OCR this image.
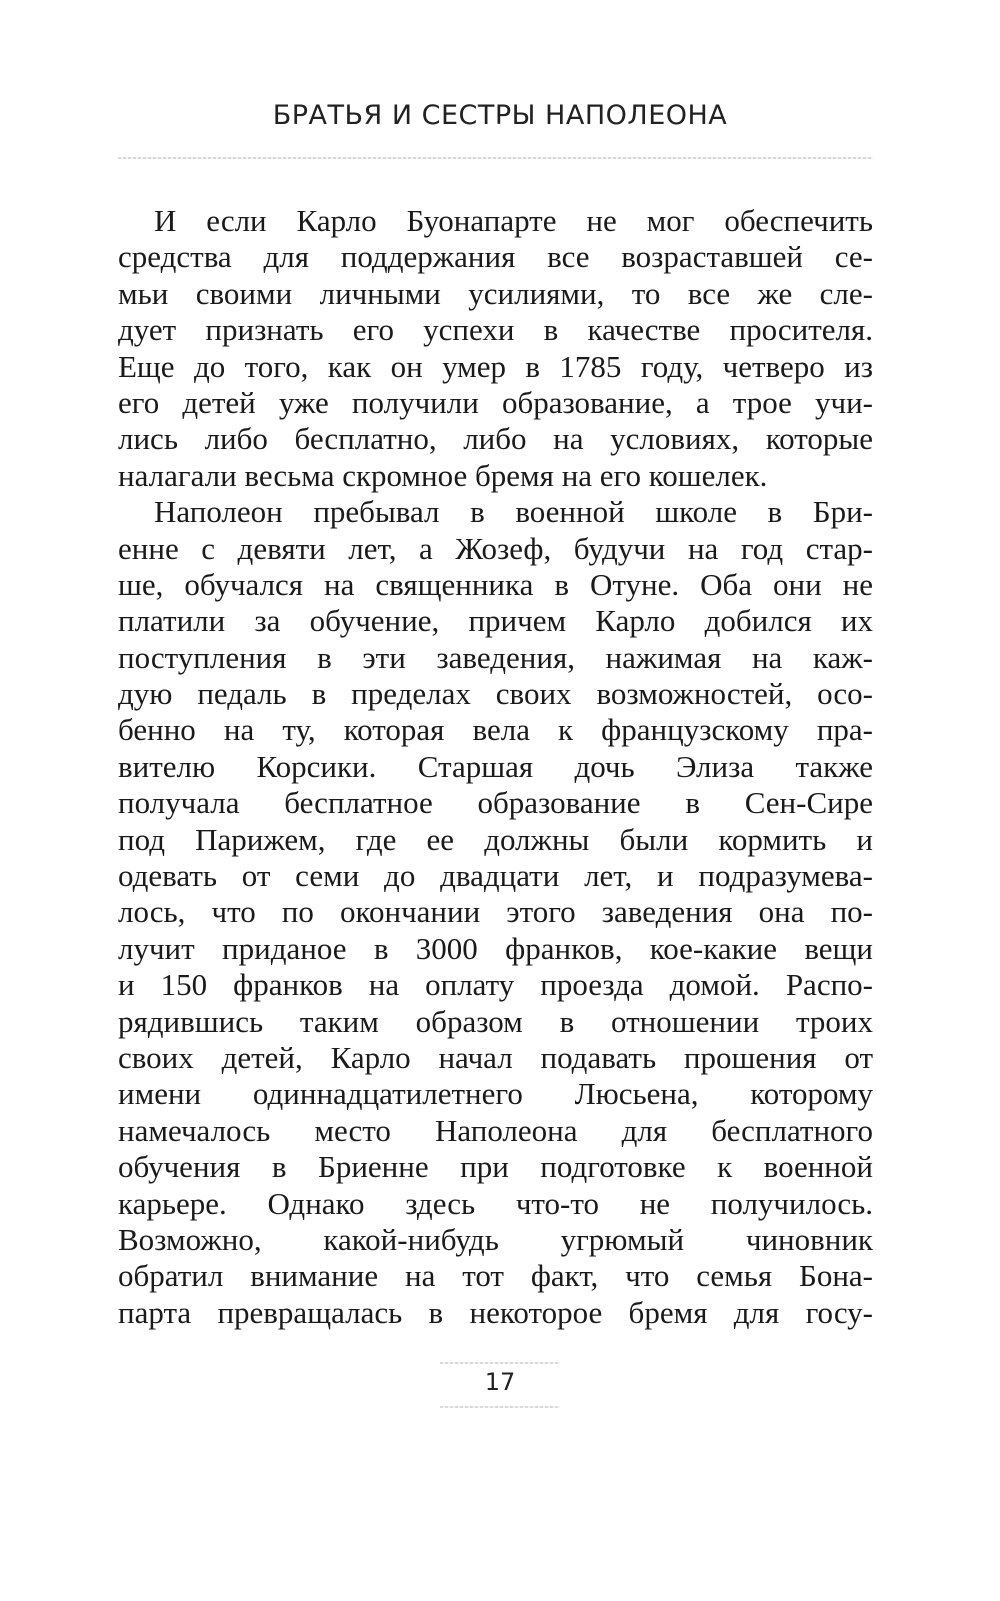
БРАТЬЯ И СЕСТРЫ НАПОЛЕОНА
И если Карло Буонапарте не мог обеспечить
средства для поддержания все возраставшей се-
мьи своими личными усилиями, то все же сле-
дует признать его успехи в качестве просителя.
Еще до того, как он умер в 1785 году, четверо из
его детей уже получили образование, а трое учи-
лись либо бесплатно, либо на условиях, которые
налагали весьма скромное бремя на его кошелек.
Наполеон пребывал в военной школе в Бри-
енне с девяти лет, а Жозеф, будучи на год стар-
ше, обучался на священника в Отуне. Оба они не
платили за обучение, причем Карло добился их
поступления в эти заведения, нажимая на каж-
дую педаль в пределах своих возможностей, осо-
бенно на ту, которая вела к французскому пра-
вителю Корсики. Старшая дочь Элиза также
получала бесплатное образование в Сен-Сире
под Парижем, где ее должны были кормить и
одевать от семи до двадцати лет, и подразумева-
лось, что по окончании этого заведения она по-
лучит приданое в 3000 франков, кое-какие вещи
и 150 франков на оплату проезда домой. Распо-
рядившись таким образом в отношении троих
своих детей, Карло начал подавать прошения от
имени одиннадцатилетнего Люсьена, которому
намечалось место Наполеона для бесплатного
обучения в Бриенне при подготовке к военной
карьере. Однако здесь что-то не получилось.
Возможно, какой-нибудь угрюмый чиновник
обратил внимание на тот факт, что семья Бона-
парта превращалась в некоторое бремя для госу-
17
